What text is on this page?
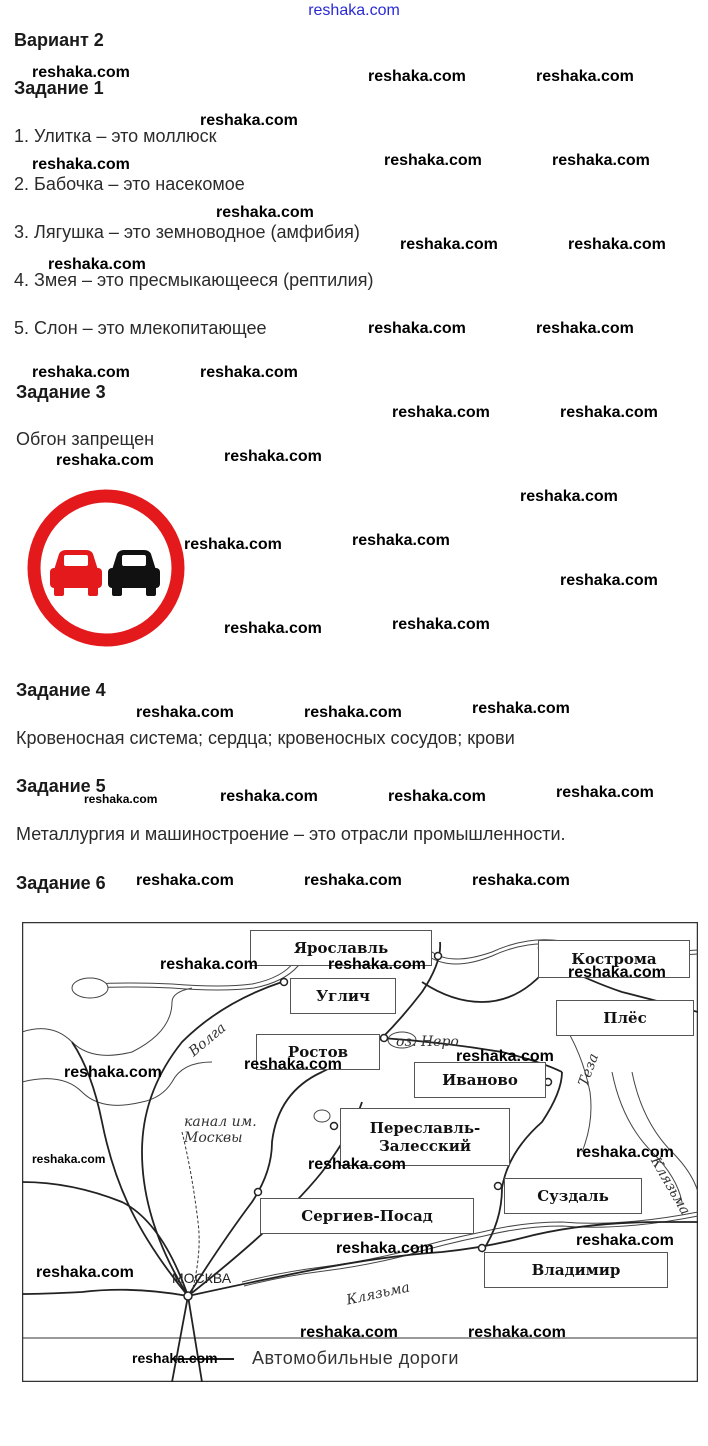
reshaka.com
Вариант 2
Задание 1
1. Улитка – это моллюск
2. Бабочка – это насекомое
3. Лягушка – это земноводное (амфибия)
4. Змея – это пресмыкающееся (рептилия)
5. Слон – это млекопитающее
Задание 3
Обгон запрещен
Задание 4
Кровеносная система; сердца; кровеносных сосудов; крови
Задание 5
Металлургия и машиностроение – это отрасли промышленности.
Задание 6
Ярославль
Кострома
Углич
Плёс
Ростов
Иваново
Переславль-
Залесский
Суздаль
Сергиев-Посад
Владимир
МОСКВА
Волга	оз. Неро
Теза
канал им. Москвы
Клязьма
Клязьма
Автомобильные дороги
reshaka.com	reshaka.com	reshaka.com
reshaka.com
reshaka.com	reshaka.com	reshaka.com
reshaka.com
reshaka.com	reshaka.com
reshaka.com
reshaka.com	reshaka.com
reshaka.com	reshaka.com
reshaka.com	reshaka.com
reshaka.com	reshaka.com
reshaka.com
reshaka.com	reshaka.com
reshaka.com
reshaka.com	reshaka.com
reshaka.com	reshaka.com	reshaka.com
reshaka.com	reshaka.com	reshaka.com	reshaka.com
reshaka.com	reshaka.com	reshaka.com
reshaka.com	reshaka.com	reshaka.com
reshaka.com
reshaka.com	reshaka.com
reshaka.com	reshaka.com
reshaka.com
reshaka.com
reshaka.com
reshaka.com
reshaka.com	reshaka.com
reshaka.com
